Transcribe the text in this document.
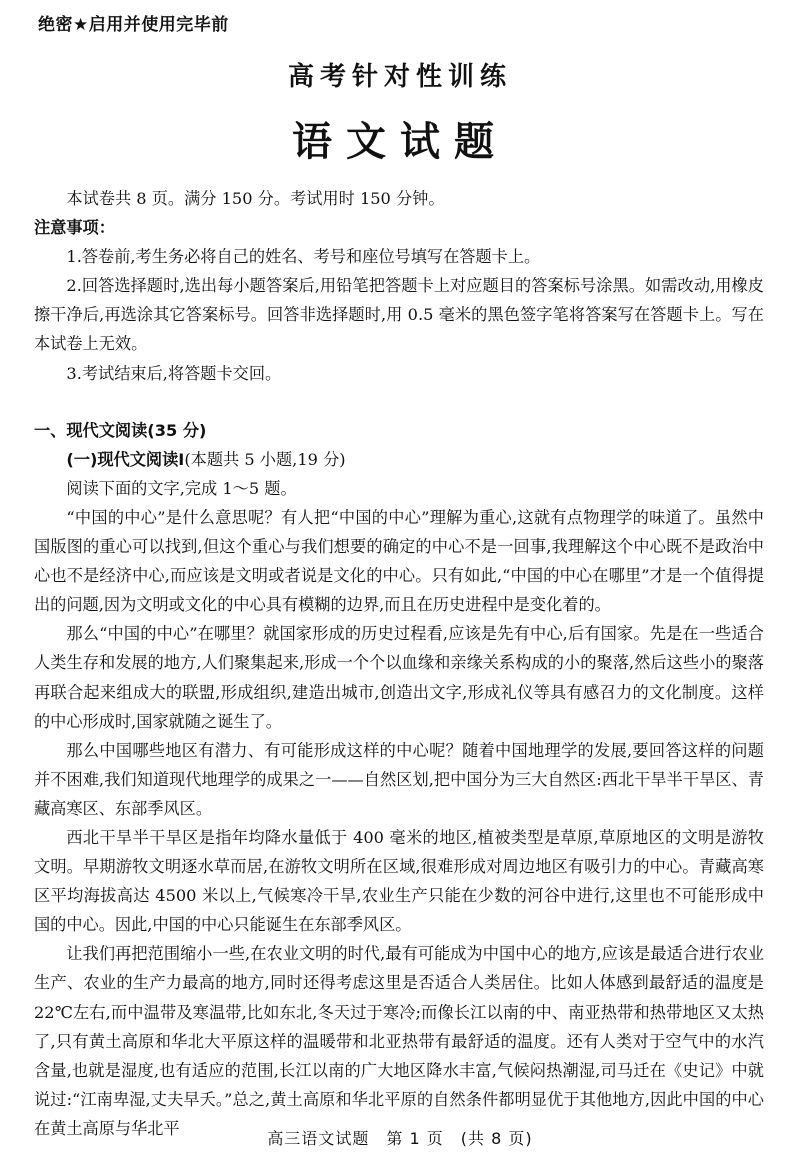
绝密★启用并使用完毕前
高考针对性训练
语文试题

本试卷共 8 页。满分 150 分。考试用时 150 分钟。

注意事项：

1.答卷前,考生务必将自己的姓名、考号和座位号填写在答题卡上。

2.回答选择题时,选出每小题答案后,用铅笔把答题卡上对应题目的答案标号涂黑。如需改动,用橡皮擦干净后,再选涂其它答案标号。回答非选择题时,用 0.5 毫米的黑色签字笔将答案写在答题卡上。写在本试卷上无效。

3.考试结束后,将答题卡交回。

一、现代文阅读(35 分)

(一)现代文阅读Ⅰ(本题共 5 小题,19 分)

阅读下面的文字,完成 1～5 题。

“中国的中心”是什么意思呢？有人把“中国的中心”理解为重心,这就有点物理学的味道了。虽然中国版图的重心可以找到,但这个重心与我们想要的确定的中心不是一回事,我理解这个中心既不是政治中心也不是经济中心,而应该是文明或者说是文化的中心。只有如此,“中国的中心在哪里”才是一个值得提出的问题,因为文明或文化的中心具有模糊的边界,而且在历史进程中是变化着的。

那么“中国的中心”在哪里？就国家形成的历史过程看,应该是先有中心,后有国家。先是在一些适合人类生存和发展的地方,人们聚集起来,形成一个个以血缘和亲缘关系构成的小的聚落,然后这些小的聚落再联合起来组成大的联盟,形成组织,建造出城市,创造出文字,形成礼仪等具有感召力的文化制度。这样的中心形成时,国家就随之诞生了。

那么中国哪些地区有潜力、有可能形成这样的中心呢？随着中国地理学的发展,要回答这样的问题并不困难,我们知道现代地理学的成果之一——自然区划,把中国分为三大自然区:西北干旱半干旱区、青藏高寒区、东部季风区。

西北干旱半干旱区是指年均降水量低于 400 毫米的地区,植被类型是草原,草原地区的文明是游牧文明。早期游牧文明逐水草而居,在游牧文明所在区域,很难形成对周边地区有吸引力的中心。青藏高寒区平均海拔高达 4500 米以上,气候寒冷干旱,农业生产只能在少数的河谷中进行,这里也不可能形成中国的中心。因此,中国的中心只能诞生在东部季风区。

让我们再把范围缩小一些,在农业文明的时代,最有可能成为中国中心的地方,应该是最适合进行农业生产、农业的生产力最高的地方,同时还得考虑这里是否适合人类居住。比如人体感到最舒适的温度是 22℃左右,而中温带及寒温带,比如东北,冬天过于寒冷;而像长江以南的中、南亚热带和热带地区又太热了,只有黄土高原和华北大平原这样的温暖带和北亚热带有最舒适的温度。还有人类对于空气中的水汽含量,也就是湿度,也有适应的范围,长江以南的广大地区降水丰富,气候闷热潮湿,司马迁在《史记》中就说过:“江南卑湿,丈夫早夭。”总之,黄土高原和华北平原的自然条件都明显优于其他地方,因此中国的中心在黄土高原与华北平

高三语文试题　第 1 页　(共 8 页)
